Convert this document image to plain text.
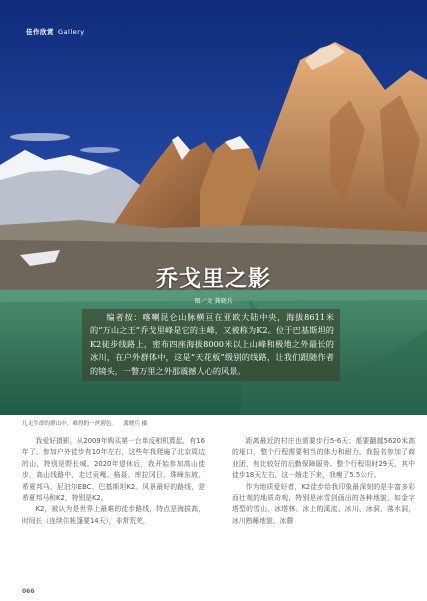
佳作欣赏 Gallery
乔戈里之影
图／文 龚晓兵
编者按：喀喇昆仑山脉横亘在亚欧大陆中央，海拔8611米的“万山之王”乔戈里峰是它的主峰，又被称为K2。位于巴基斯坦的K2徒步线路上，密布四座海拔8000米以上山峰和极地之外最长的冰川，在户外群体中，这是“天花板”级别的线路，让我们跟随作者的镜头，一瞥万里之外那震撼人心的风景。
几无生命的群山中，难得的一丝碧色。 龚晓兵 摄

我爱好摄影，从2009年购买第一台单反相机算起，有16年了。参加户外徒步有10年左右，这些年我爬遍了北京周边的山，特别是野长城。2020年退休后，我开始参加高山徒步，高山线路中，走过贡嘎、格聂、库拉冈日、珠峰东坡、希夏邦马、尼泊尔EBC、巴基斯坦K2。风景最好的路线，是希夏邦马和K2，特别是K2。

K2，被认为是世界上最难的徒步路线，特点是海拔高，时间长（连续住帐篷要14天），非常荒芜，

距离最近的村庄也需要步行5-6天；需要翻越5620米高的垭口，整个行程需要相当的体力和耐力。我报名参加了商业团，有比较好的后勤保障服务。整个行程用时29天，其中徒步18天左右，这一趟走下来，我瘦了5.5公斤。

作为地质爱好者，K2徒步给我印象最深刻的是丰富多彩而壮观的地质奇观，特别是冰雪剑画出的各种地貌，如金字塔型的雪山、冰塔林、冰上的溪流、冰川、冰洞、落水洞，冰川熟睡地貌、冰蘑

066
